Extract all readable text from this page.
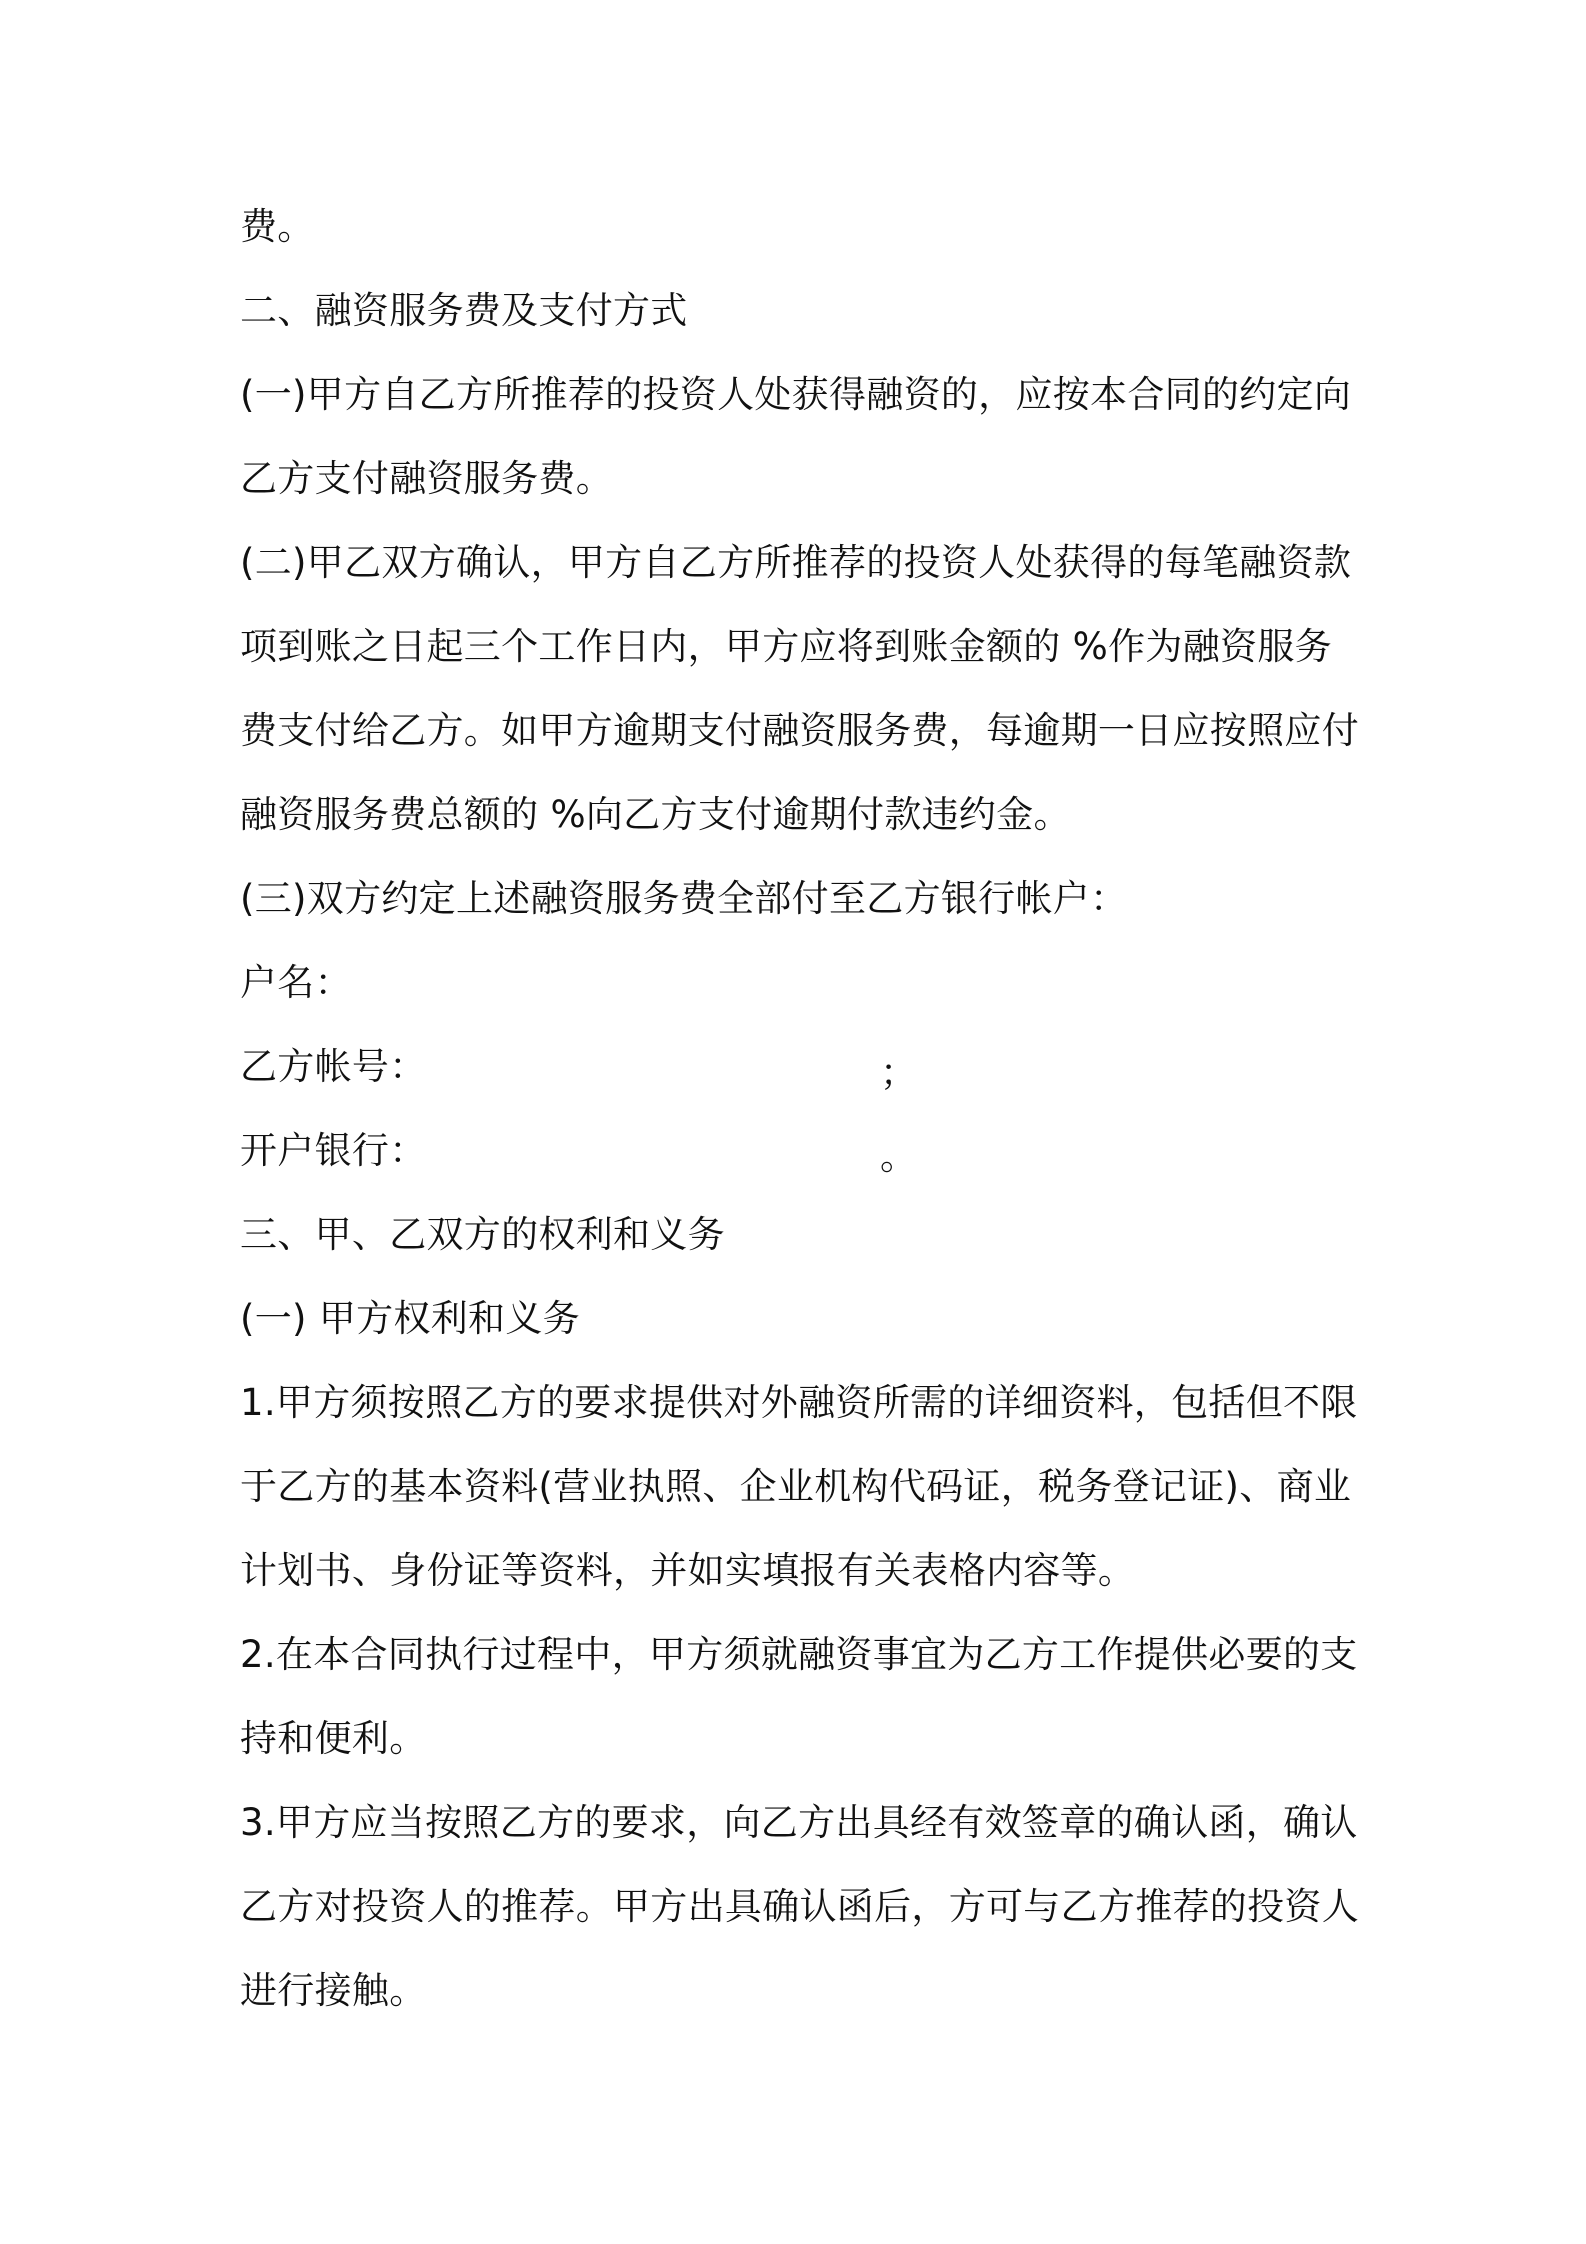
费。
二、融资服务费及支付方式
(一)甲方自乙方所推荐的投资人处获得融资的，应按本合同的约定向
乙方支付融资服务费。
(二)甲乙双方确认，甲方自乙方所推荐的投资人处获得的每笔融资款
项到账之日起三个工作日内，甲方应将到账金额的 %作为融资服务
费支付给乙方。如甲方逾期支付融资服务费，每逾期一日应按照应付
融资服务费总额的 %向乙方支付逾期付款违约金。
(三)双方约定上述融资服务费全部付至乙方银行帐户：
户名：
乙方帐号：	；
开户银行：	。
三、甲、乙双方的权利和义务
(一) 甲方权利和义务
1.甲方须按照乙方的要求提供对外融资所需的详细资料，包括但不限
于乙方的基本资料(营业执照、企业机构代码证，税务登记证)、商业
计划书、身份证等资料，并如实填报有关表格内容等。
2.在本合同执行过程中，甲方须就融资事宜为乙方工作提供必要的支
持和便利。
3.甲方应当按照乙方的要求，向乙方出具经有效签章的确认函，确认
乙方对投资人的推荐。甲方出具确认函后，方可与乙方推荐的投资人
进行接触。
